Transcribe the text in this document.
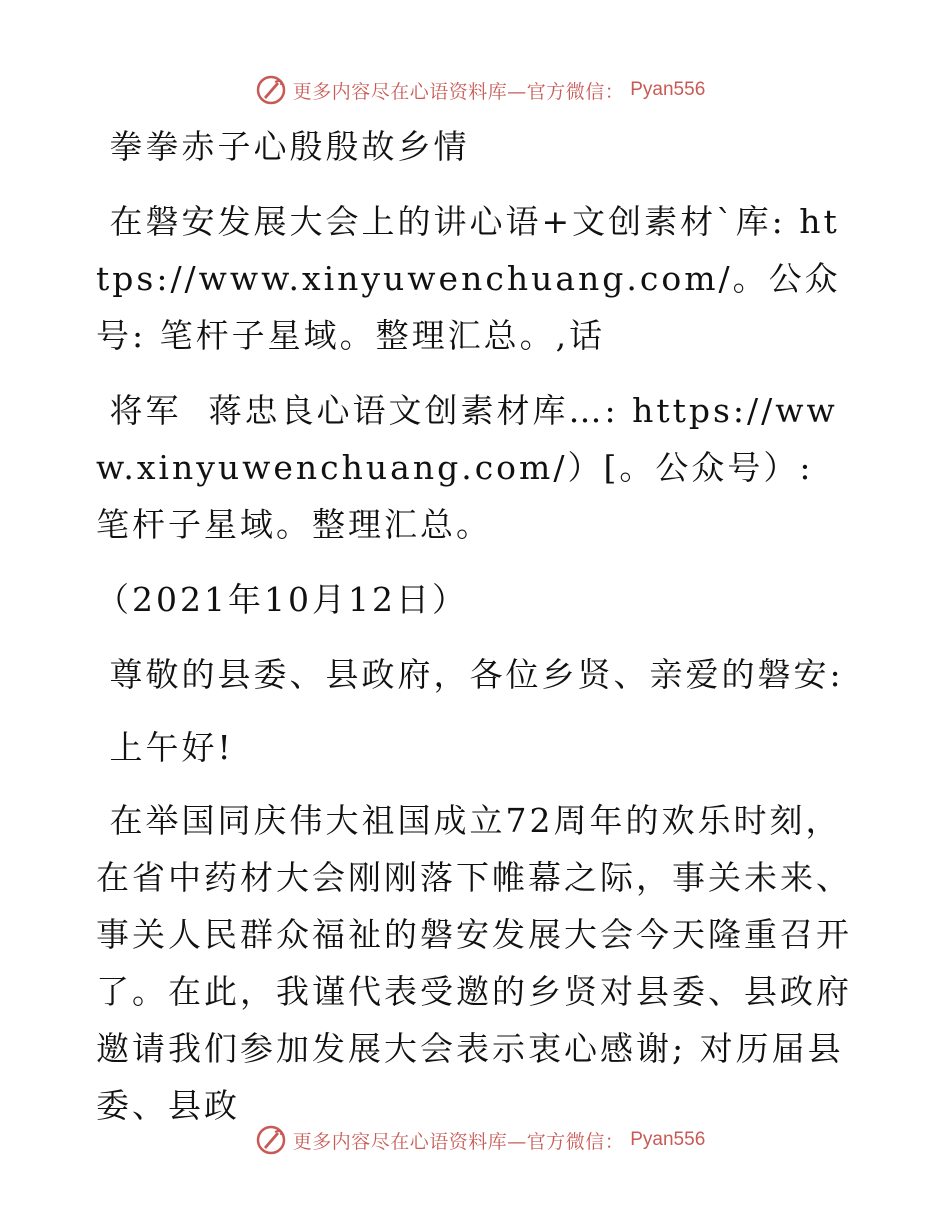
更多内容尽在心语资料库—官方微信： Pyan556

拳拳赤子心殷殷故乡情

在磐安发展大会上的讲心语+文创素材`库: https://www.xinyuwenchuang.com/。公众号: 笔杆子星域。整理汇总。,话

将军  蒋忠良心语文创素材库…: https://www.xinyuwenchuang.com/）[。公众号）: 笔杆子星域。整理汇总。

（2021年10月12日）

尊敬的县委、县政府，各位乡贤、亲爱的磐安:

上午好!

在举国同庆伟大祖国成立72周年的欢乐时刻，在省中药材大会刚刚落下帷幕之际，事关未来、事关人民群众福祉的磐安发展大会今天隆重召开了。在此，我谨代表受邀的乡贤对县委、县政府邀请我们参加发展大会表示衷心感谢; 对历届县委、县政

更多内容尽在心语资料库—官方微信： Pyan556
